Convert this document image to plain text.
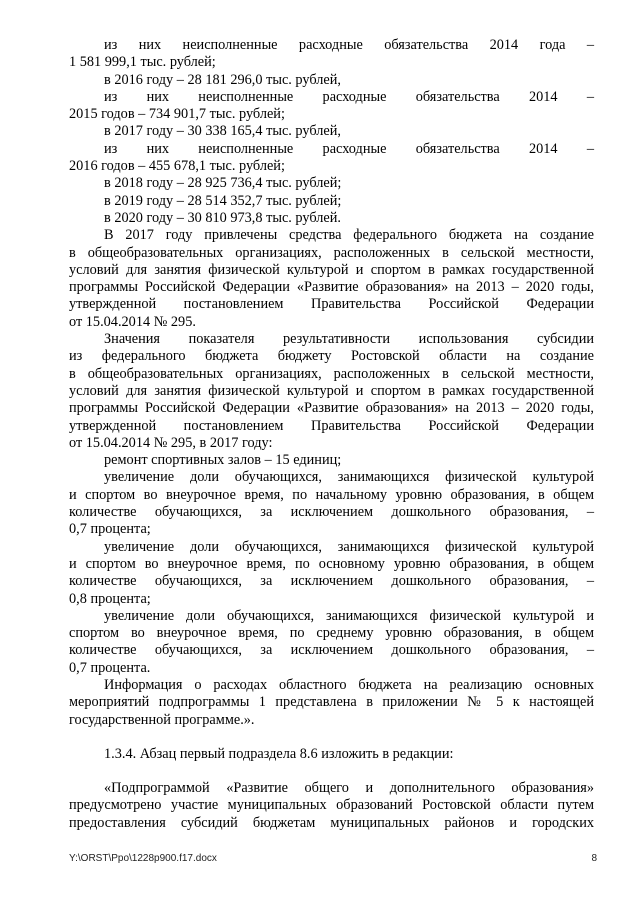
из них неисполненные расходные обязательства 2014 года –
1 581 999,1 тыс. рублей;
в 2016 году – 28 181 296,0 тыс. рублей,
из них неисполненные расходные обязательства 2014 –
2015 годов – 734 901,7 тыс. рублей;
в 2017 году – 30 338 165,4 тыс. рублей,
из них неисполненные расходные обязательства 2014 –
2016 годов – 455 678,1 тыс. рублей;
в 2018 году – 28 925 736,4 тыс. рублей;
в 2019 году – 28 514 352,7 тыс. рублей;
в 2020 году – 30 810 973,8 тыс. рублей.
В 2017 году привлечены средства федерального бюджета на создание
в общеобразовательных организациях, расположенных в сельской местности,
условий для занятия физической культурой и спортом в рамках государственной
программы Российской Федерации «Развитие образования» на 2013 – 2020 годы,
утвержденной постановлением Правительства Российской Федерации
от 15.04.2014 № 295.
Значения показателя результативности использования субсидии
из федерального бюджета бюджету Ростовской области на создание
в общеобразовательных организациях, расположенных в сельской местности,
условий для занятия физической культурой и спортом в рамках государственной
программы Российской Федерации «Развитие образования» на 2013 – 2020 годы,
утвержденной постановлением Правительства Российской Федерации
от 15.04.2014 № 295, в 2017 году:
ремонт спортивных залов – 15 единиц;
увеличение доли обучающихся, занимающихся физической культурой
и спортом во внеурочное время, по начальному уровню образования, в общем
количестве обучающихся, за исключением дошкольного образования, –
0,7 процента;
увеличение доли обучающихся, занимающихся физической культурой
и спортом во внеурочное время, по основному уровню образования, в общем
количестве обучающихся, за исключением дошкольного образования, –
0,8 процента;
увеличение доли обучающихся, занимающихся физической культурой и
спортом во внеурочное время, по среднему уровню образования, в общем
количестве обучающихся, за исключением дошкольного образования, –
0,7 процента.
Информация о расходах областного бюджета на реализацию основных
мероприятий подпрограммы 1 представлена в приложении № 5 к настоящей
государственной программе.».
1.3.4. Абзац первый подраздела 8.6 изложить в редакции:
«Подпрограммой «Развитие общего и дополнительного образования»
предусмотрено участие муниципальных образований Ростовской области путем
предоставления субсидий бюджетам муниципальных районов и городских
Y:\ORST\Ppo\1228p900.f17.docx	8
